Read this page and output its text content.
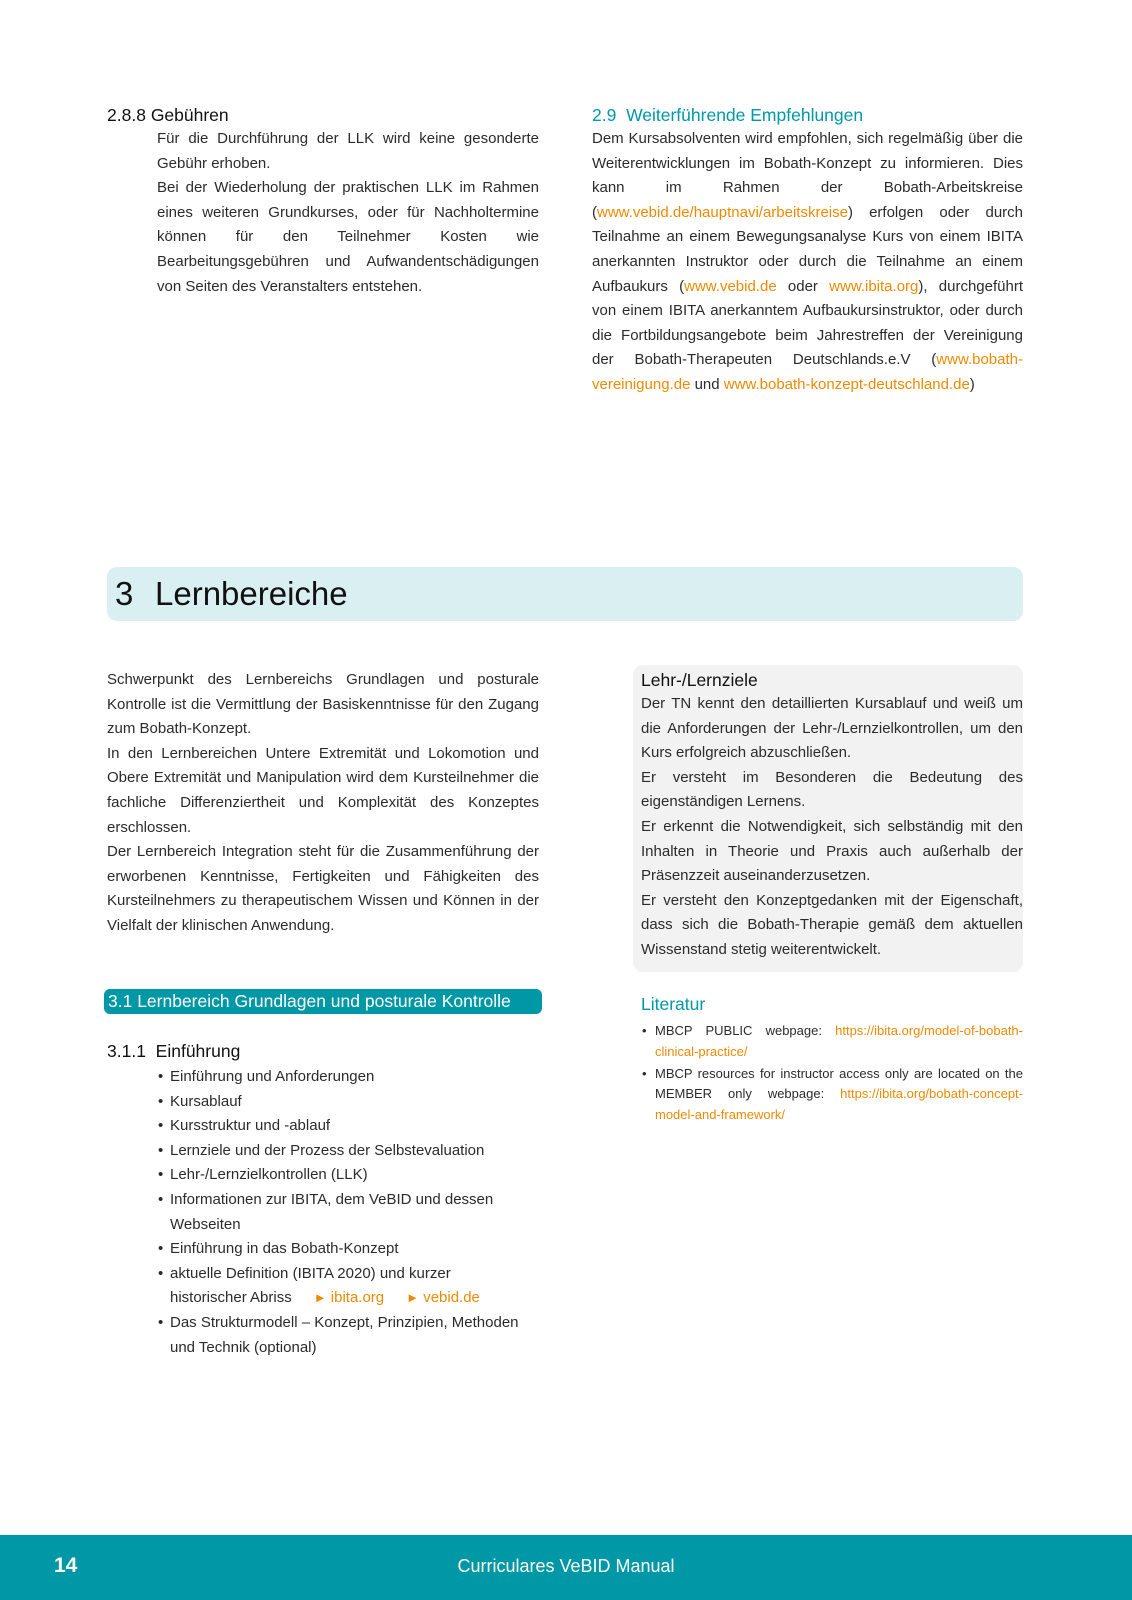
2.8.8 Gebühren

Für die Durchführung der LLK wird keine gesonderte Gebühr erhoben.

Bei der Wiederholung der praktischen LLK im Rahmen eines weiteren Grundkurses, oder für Nachholtermine können für den Teilnehmer Kosten wie Bearbeitungsgebühren und Aufwandentschädigungen von Seiten des Veranstalters entstehen.

2.9 Weiterführende Empfehlungen

Dem Kursabsolventen wird empfohlen, sich regelmäßig über die Weiterentwicklungen im Bobath-Konzept zu informieren. Dies kann im Rahmen der Bobath-Arbeitskreise (www.vebid.de/hauptnavi/arbeitskreise) erfolgen oder durch Teilnahme an einem Bewegungsanalyse Kurs von einem IBITA anerkannten Instruktor oder durch die Teilnahme an einem Aufbaukurs (www.vebid.de oder www.ibita.org), durchgeführt von einem IBITA anerkanntem Aufbaukursinstruktor, oder durch die Fortbildungsangebote beim Jahrestreffen der Vereinigung der Bobath-Therapeuten Deutschlands.e.V (www.bobath-vereinigung.de und www.bobath-konzept-deutschland.de)

3 Lernbereiche

Schwerpunkt des Lernbereichs Grundlagen und posturale Kontrolle ist die Vermittlung der Basiskenntnisse für den Zugang zum Bobath-Konzept.

In den Lernbereichen Untere Extremität und Lokomotion und Obere Extremität und Manipulation wird dem Kursteilnehmer die fachliche Differenziertheit und Komplexität des Konzeptes erschlossen.

Der Lernbereich Integration steht für die Zusammenführung der erworbenen Kenntnisse, Fertigkeiten und Fähigkeiten des Kursteilnehmers zu therapeutischem Wissen und Können in der Vielfalt der klinischen Anwendung.

Lehr-/Lernziele

Der TN kennt den detaillierten Kursablauf und weiß um die Anforderungen der Lehr-/Lernzielkontrollen, um den Kurs erfolgreich abzuschließen.

Er versteht im Besonderen die Bedeutung des eigenständigen Lernens.

Er erkennt die Notwendigkeit, sich selbständig mit den Inhalten in Theorie und Praxis auch außerhalb der Präsenzzeit auseinanderzusetzen.

Er versteht den Konzeptgedanken mit der Eigenschaft, dass sich die Bobath-Therapie gemäß dem aktuellen Wissenstand stetig weiterentwickelt.

Literatur
• MBCP PUBLIC webpage: https://ibita.org/model-of-bobath-clinical-practice/
• MBCP resources for instructor access only are located on the MEMBER only webpage: https://ibita.org/bobath-concept-model-and-framework/
3.1 Lernbereich Grundlagen und posturale Kontrolle
3.1.1 Einführung
• Einführung und Anforderungen
• Kursablauf
• Kursstruktur und -ablauf
• Lernziele und der Prozess der Selbstevaluation
• Lehr-/Lernzielkontrollen (LLK)
• Informationen zur IBITA, dem VeBID und dessen Webseiten
• Einführung in das Bobath-Konzept
• aktuelle Definition (IBITA 2020) und kurzer historischer Abriss ► ibita.org ► vebid.de
• Das Strukturmodell – Konzept, Prinzipien, Methoden und Technik (optional)
14	Curriculares VeBID Manual
